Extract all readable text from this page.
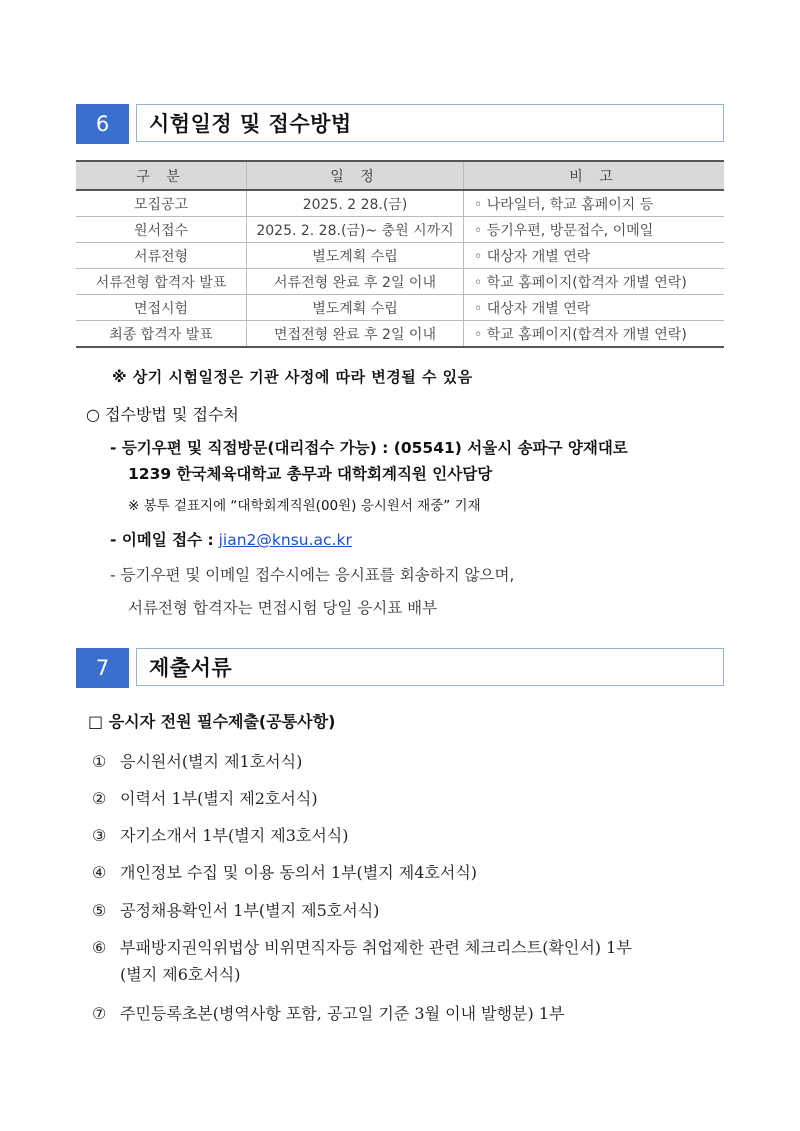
6	시험일정 및 접수방법
구 분	일 정	비 고
모집공고	2025. 2 28.(금)	◦ 나라일터, 학교 홈페이지 등
원서접수	2025. 2. 28.(금)~ 충원 시까지	◦ 등기우편, 방문접수, 이메일
서류전형	별도계획 수립	◦ 대상자 개별 연락
서류전형 합격자 발표	서류전형 완료 후 2일 이내	◦ 학교 홈페이지(합격자 개별 연락)
면접시험	별도계획 수립	◦ 대상자 개별 연락
최종 합격자 발표	면접전형 완료 후 2일 이내	◦ 학교 홈페이지(합격자 개별 연락)
※ 상기 시험일정은 기관 사정에 따라 변경될 수 있음
○ 접수방법 및 접수처
- 등기우편 및 직접방문(대리접수 가능) : (05541) 서울시 송파구 양재대로
1239 한국체육대학교 총무과 대학회계직원 인사담당
※ 봉투 겉표지에 “대학회계직원(00원) 응시원서 재중” 기재
- 이메일 접수 : jian2@knsu.ac.kr
- 등기우편 및 이메일 접수시에는 응시표를 회송하지 않으며,
서류전형 합격자는 면접시험 당일 응시표 배부
7	제출서류
□ 응시자 전원 필수제출(공통사항)
① 응시원서(별지 제1호서식)
② 이력서 1부(별지 제2호서식)
③ 자기소개서 1부(별지 제3호서식)
④ 개인정보 수집 및 이용 동의서 1부(별지 제4호서식)
⑤ 공정채용확인서 1부(별지 제5호서식)
⑥ 부패방지권익위법상 비위면직자등 취업제한 관련 체크리스트(확인서) 1부
(별지 제6호서식)
⑦ 주민등록초본(병역사항 포함, 공고일 기준 3월 이내 발행분) 1부
